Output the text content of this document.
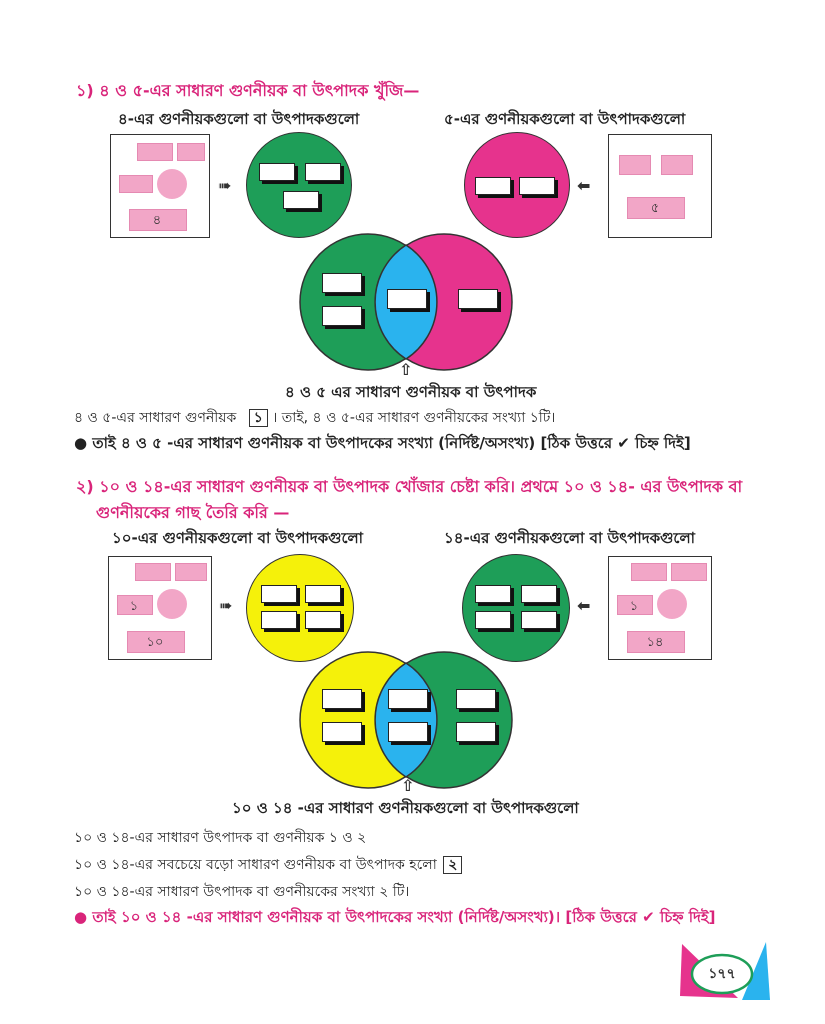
১) ৪ ও ৫-এর সাধারণ গুণনীয়ক বা উৎপাদক খুঁজি—
৪-এর গুণনীয়কগুলো বা উৎপাদকগুলো	৫-এর গুণনীয়কগুলো বা উৎপাদকগুলো
৪
➠	⬅
৫
⇧
৪ ও ৫ এর সাধারণ গুণনীয়ক বা উৎপাদক
৪ ও ৫-এর সাধারণ গুণনীয়ক ১ । তাই, ৪ ও ৫-এর সাধারণ গুণনীয়কের সংখ্যা ১টি।
● তাই ৪ ও ৫ -এর সাধারণ গুণনীয়ক বা উৎপাদকের সংখ্যা (নির্দিষ্ট/অসংখ্য) [ঠিক উত্তরে ✔ চিহ্ন দিই]
২) ১০ ও ১৪-এর সাধারণ গুণনীয়ক বা উৎপাদক খোঁজার চেষ্টা করি। প্রথমে ১০ ও ১৪- এর উৎপাদক বা
গুণনীয়কের গাছ তৈরি করি —
১০-এর গুণনীয়কগুলো বা উৎপাদকগুলো	১৪-এর গুণনীয়কগুলো বা উৎপাদকগুলো
১
১০
➠	⬅	১
১৪
⇧
১০ ও ১৪ -এর সাধারণ গুণনীয়কগুলো বা উৎপাদকগুলো
১০ ও ১৪-এর সাধারণ উৎপাদক বা গুণনীয়ক ১ ও ২
১০ ও ১৪-এর সবচেয়ে বড়ো সাধারণ গুণনীয়ক বা উৎপাদক হলো ২
১০ ও ১৪-এর সাধারণ উৎপাদক বা গুণনীয়কের সংখ্যা ২ টি।
● তাই ১০ ও ১৪ -এর সাধারণ গুণনীয়ক বা উৎপাদকের সংখ্যা (নির্দিষ্ট/অসংখ্য)। [ঠিক উত্তরে ✔ চিহ্ন দিই]
১৭৭
